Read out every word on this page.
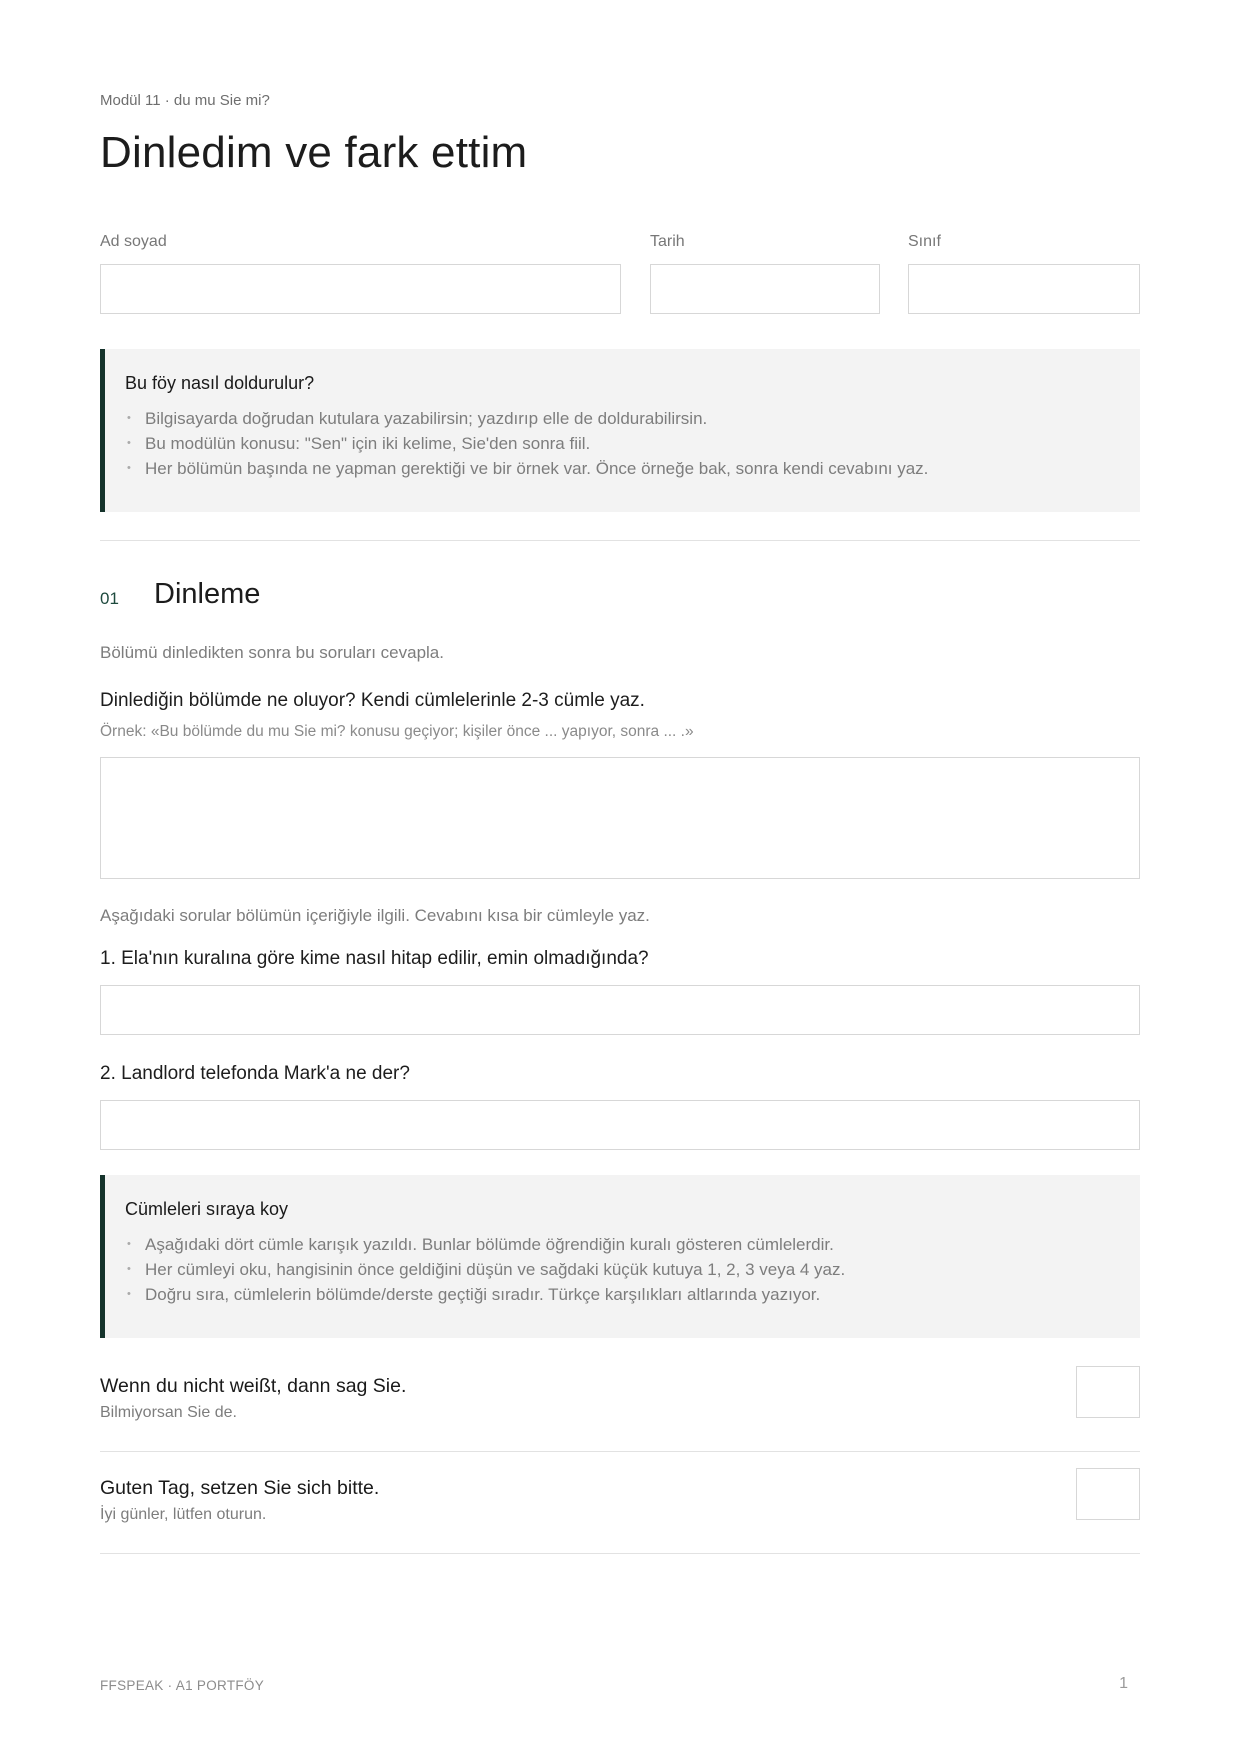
Modül 11 · du mu Sie mi?
Dinledim ve fark ettim
Ad soyad	Tarih	Sınıf
Bu föy nasıl doldurulur?
• Bilgisayarda doğrudan kutulara yazabilirsin; yazdırıp elle de doldurabilirsin.
• Bu modülün konusu: "Sen" için iki kelime, Sie'den sonra fiil.
• Her bölümün başında ne yapman gerektiği ve bir örnek var. Önce örneğe bak, sonra kendi cevabını yaz.
01 Dinleme
Bölümü dinledikten sonra bu soruları cevapla.
Dinlediğin bölümde ne oluyor? Kendi cümlelerinle 2-3 cümle yaz.
Örnek: «Bu bölümde du mu Sie mi? konusu geçiyor; kişiler önce ... yapıyor, sonra ... .»
Aşağıdaki sorular bölümün içeriğiyle ilgili. Cevabını kısa bir cümleyle yaz.
1. Ela'nın kuralına göre kime nasıl hitap edilir, emin olmadığında?
2. Landlord telefonda Mark'a ne der?
Cümleleri sıraya koy
• Aşağıdaki dört cümle karışık yazıldı. Bunlar bölümde öğrendiğin kuralı gösteren cümlelerdir.
• Her cümleyi oku, hangisinin önce geldiğini düşün ve sağdaki küçük kutuya 1, 2, 3 veya 4 yaz.
• Doğru sıra, cümlelerin bölümde/derste geçtiği sıradır. Türkçe karşılıkları altlarında yazıyor.
Wenn du nicht weißt, dann sag Sie.
Bilmiyorsan Sie de.
Guten Tag, setzen Sie sich bitte.
İyi günler, lütfen oturun.
FFSPEAK · A1 PORTFÖY	1
